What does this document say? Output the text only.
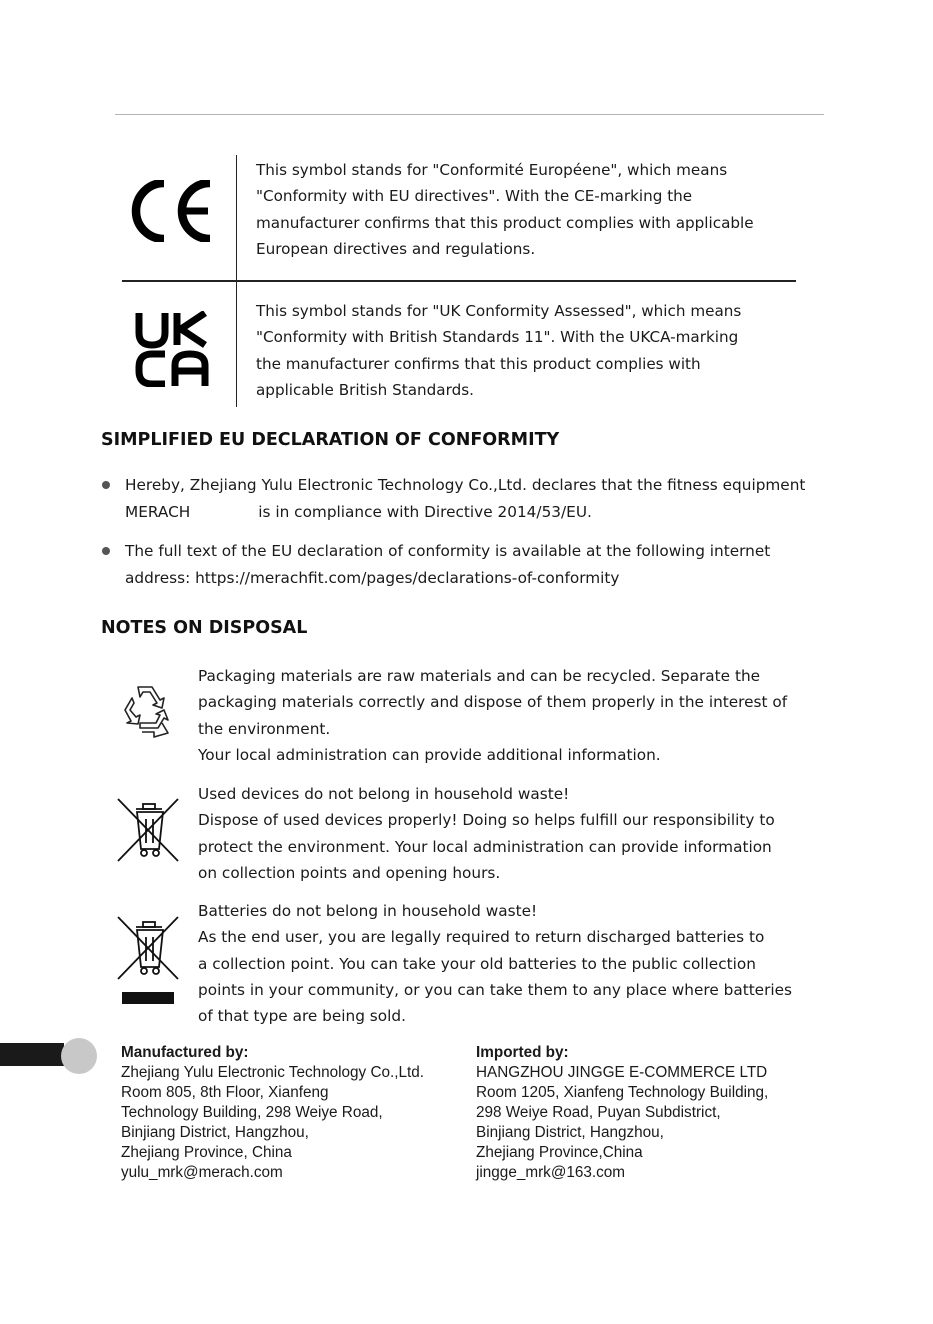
This symbol stands for "Conformité Européene", which means
"Conformity with EU directives". With the CE-marking the
manufacturer confirms that this product complies with applicable
European directives and regulations.
This symbol stands for "UK Conformity Assessed", which means
"Conformity with British Standards 11". With the UKCA-marking
the manufacturer confirms that this product complies with
applicable British Standards.
SIMPLIFIED EU DECLARATION OF CONFORMITY
Hereby, Zhejiang Yulu Electronic Technology Co.,Ltd. declares that the fitness equipment
MERACH	is in compliance with Directive 2014/53/EU.
The full text of the EU declaration of conformity is available at the following internet
address: https://merachfit.com/pages/declarations-of-conformity
NOTES ON DISPOSAL
Packaging materials are raw materials and can be recycled. Separate the
packaging materials correctly and dispose of them properly in the interest of
the environment.
Your local administration can provide additional information.
Used devices do not belong in household waste!
Dispose of used devices properly! Doing so helps fulfill our responsibility to
protect the environment. Your local administration can provide information
on collection points and opening hours.
Batteries do not belong in household waste!
As the end user, you are legally required to return discharged batteries to
a collection point. You can take your old batteries to the public collection
points in your community, or you can take them to any place where batteries
of that type are being sold.
Manufactured by:
Zhejiang Yulu Electronic Technology Co.,Ltd.
Room 805, 8th Floor, Xianfeng
Technology Building, 298 Weiye Road,
Binjiang District, Hangzhou,
Zhejiang Province, China
yulu_mrk@merach.com
Imported by:
HANGZHOU JINGGE E-COMMERCE LTD
Room 1205, Xianfeng Technology Building,
298 Weiye Road, Puyan Subdistrict,
Binjiang District, Hangzhou,
Zhejiang Province,China
jingge_mrk@163.com
